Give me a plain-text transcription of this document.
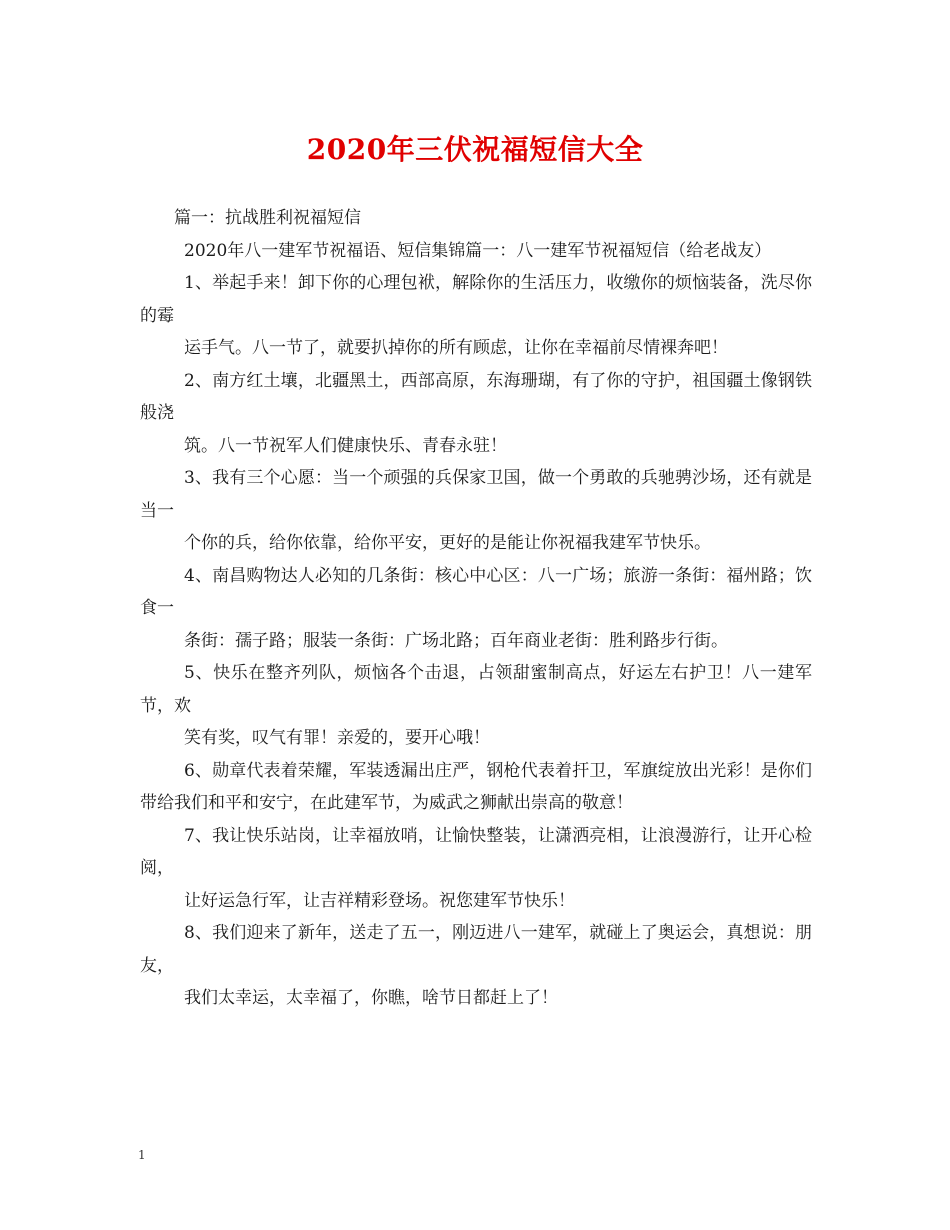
2020年三伏祝福短信大全

篇一：抗战胜利祝福短信

2020年八一建军节祝福语、短信集锦篇一：八一建军节祝福短信（给老战友）

1、举起手来！卸下你的心理包袱，解除你的生活压力，收缴你的烦恼装备，洗尽你的霉

运手气。八一节了，就要扒掉你的所有顾虑，让你在幸福前尽情裸奔吧！

2、南方红土壤，北疆黑土，西部高原，东海珊瑚，有了你的守护，祖国疆土像钢铁般浇

筑。八一节祝军人们健康快乐、青春永驻！

3、我有三个心愿：当一个顽强的兵保家卫国，做一个勇敢的兵驰骋沙场，还有就是当一

个你的兵，给你依靠，给你平安，更好的是能让你祝福我建军节快乐。

4、南昌购物达人必知的几条街：核心中心区：八一广场；旅游一条街：福州路；饮食一

条街：孺子路；服装一条街：广场北路；百年商业老街：胜利路步行街。

5、快乐在整齐列队，烦恼各个击退，占领甜蜜制高点，好运左右护卫！八一建军节，欢

笑有奖，叹气有罪！亲爱的，要开心哦！

6、勋章代表着荣耀，军装透漏出庄严，钢枪代表着扞卫，军旗绽放出光彩！是你们带给我们和平和安宁，在此建军节，为威武之狮献出崇高的敬意！

7、我让快乐站岗，让幸福放哨，让愉快整装，让潇洒亮相，让浪漫游行，让开心检阅，

让好运急行军，让吉祥精彩登场。祝您建军节快乐！

8、我们迎来了新年，送走了五一，刚迈进八一建军，就碰上了奥运会，真想说：朋友，

我们太幸运，太幸福了，你瞧，啥节日都赶上了！

1
